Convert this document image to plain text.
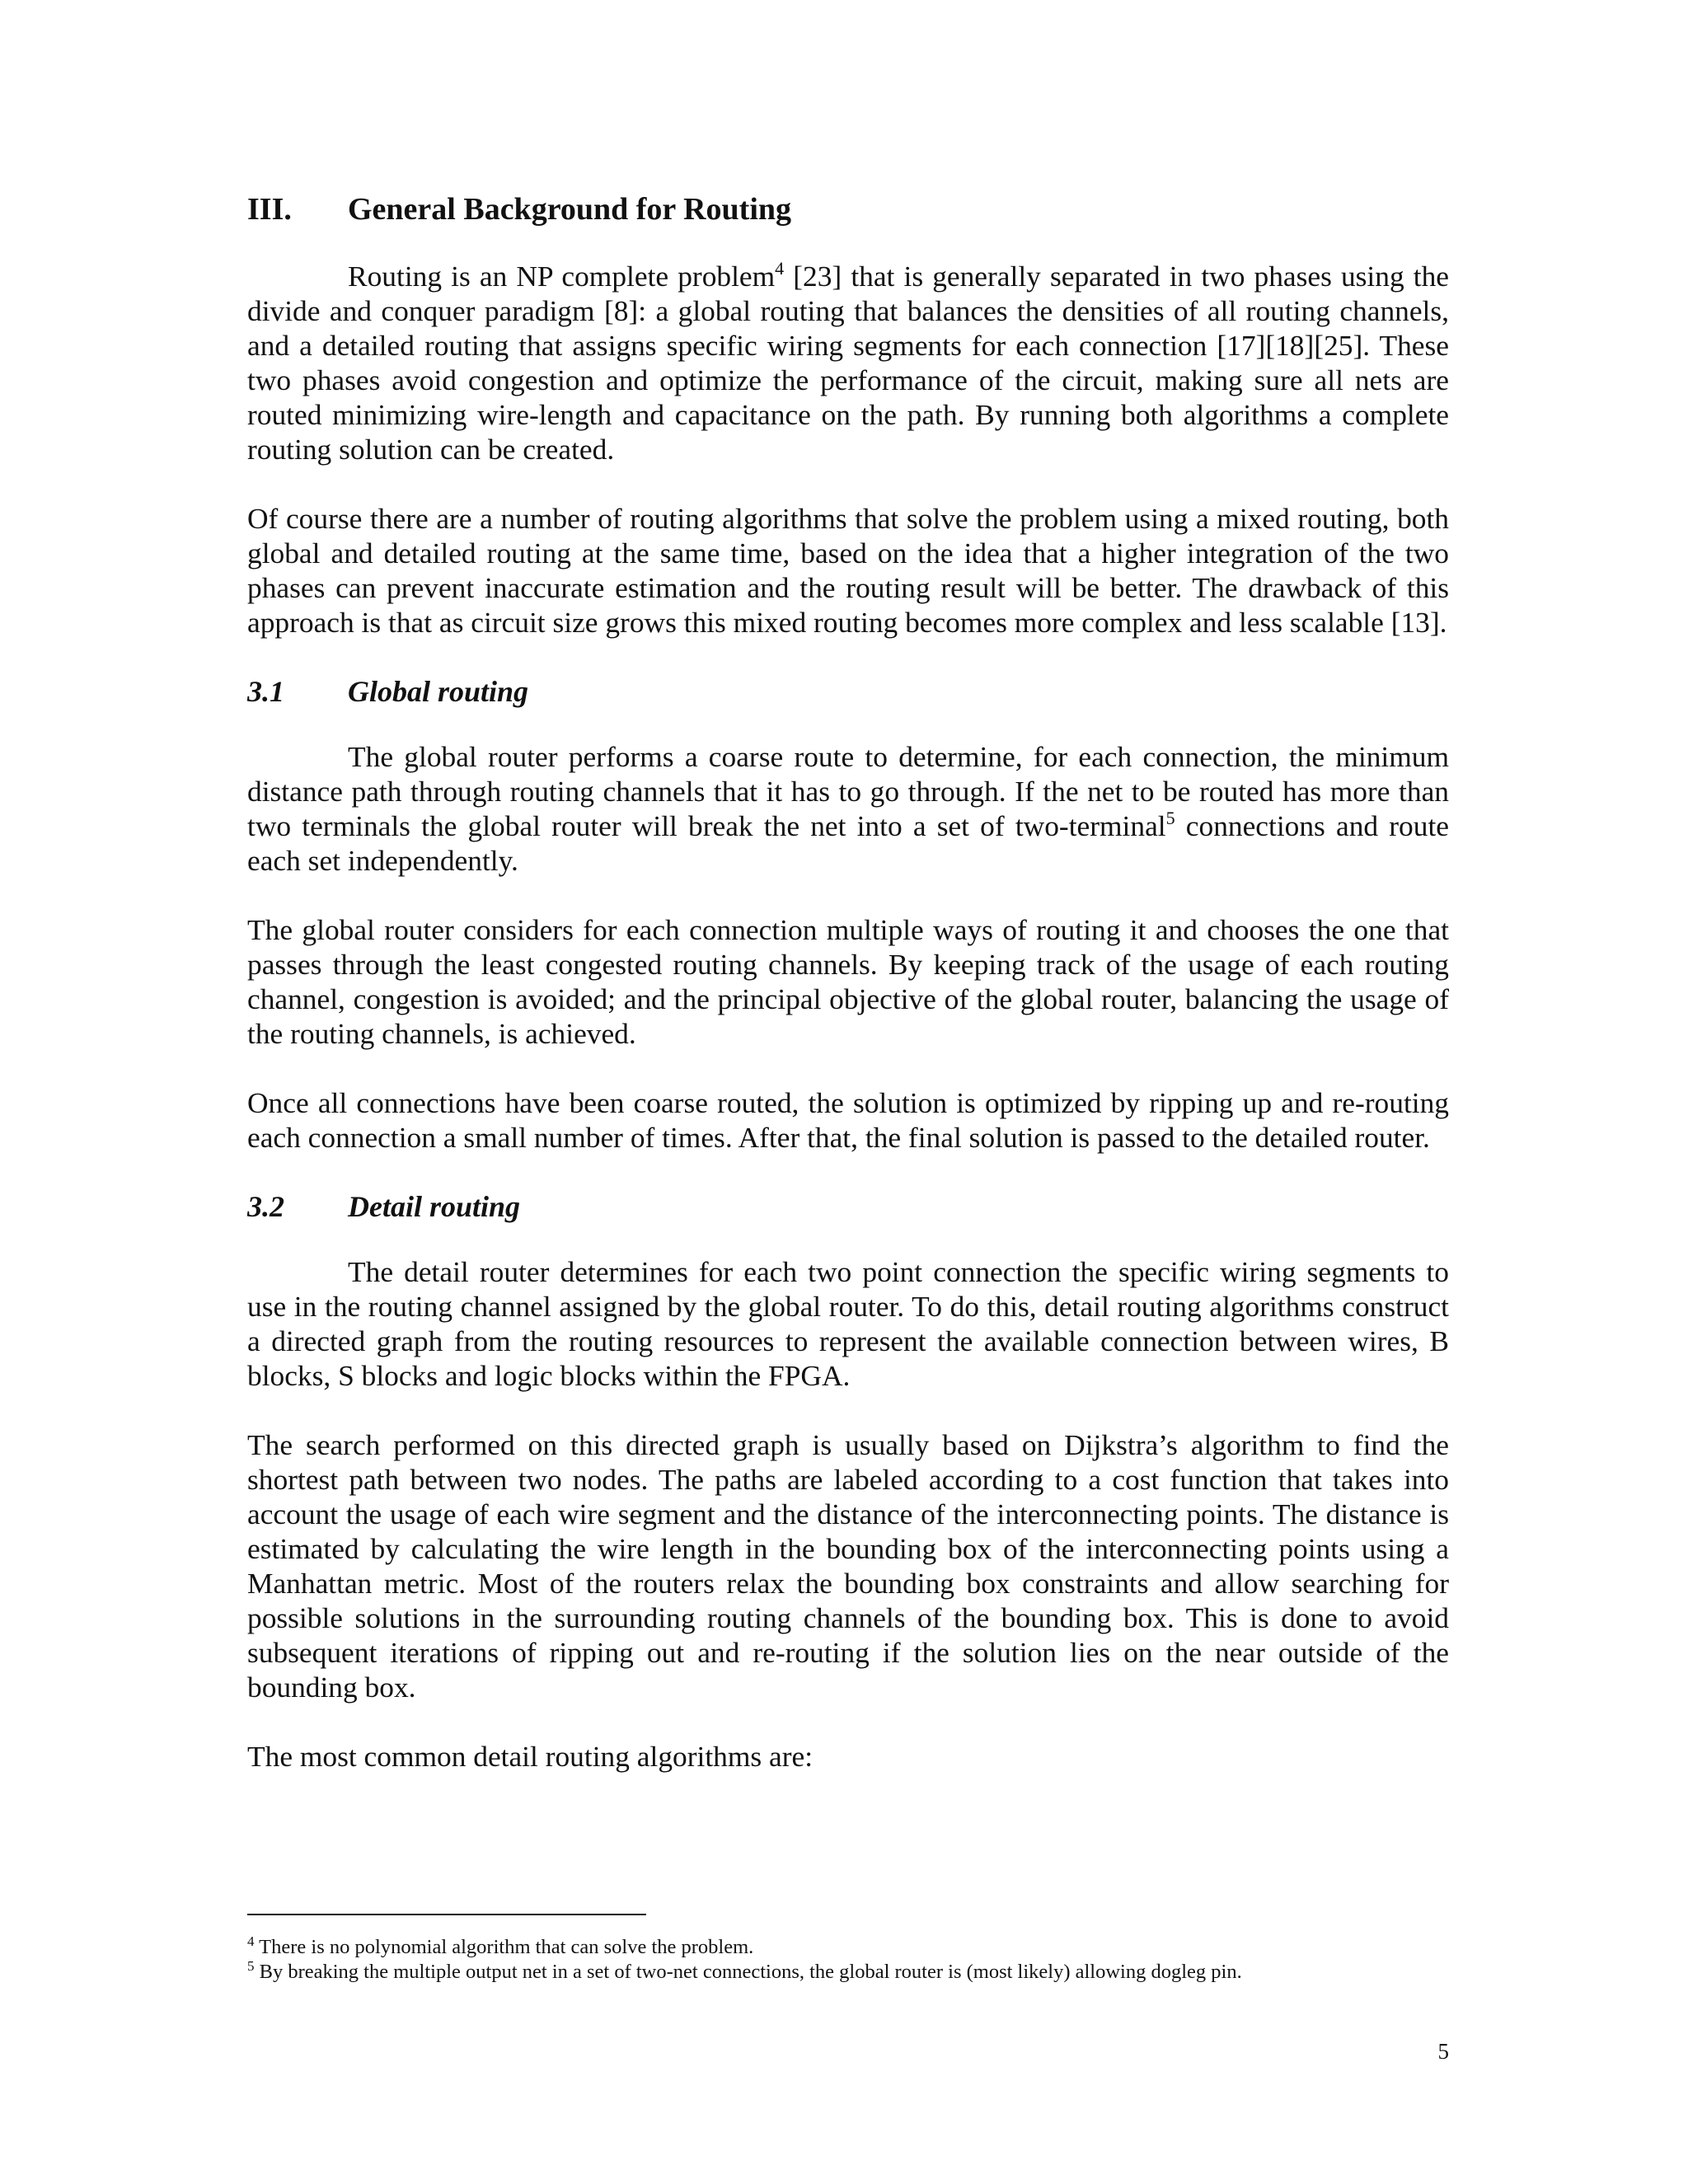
III.	General Background for Routing

Routing is an NP complete problem$^4$ [23] that is generally separated in two phases using the divide and conquer paradigm [8]: a global routing that balances the densities of all routing channels, and a detailed routing that assigns specific wiring segments for each connection [17][18][25]. These two phases avoid congestion and optimize the performance of the circuit, making sure all nets are routed minimizing wire-length and capacitance on the path. By running both algorithms a complete routing solution can be created.

Of course there are a number of routing algorithms that solve the problem using a mixed routing, both global and detailed routing at the same time, based on the idea that a higher integration of the two phases can prevent inaccurate estimation and the routing result will be better. The drawback of this approach is that as circuit size grows this mixed routing becomes more complex and less scalable [13].

3.1	Global routing

The global router performs a coarse route to determine, for each connection, the minimum distance path through routing channels that it has to go through. If the net to be routed has more than two terminals the global router will break the net into a set of two-terminal$^5$ connections and route each set independently.

The global router considers for each connection multiple ways of routing it and chooses the one that passes through the least congested routing channels. By keeping track of the usage of each routing channel, congestion is avoided; and the principal objective of the global router, balancing the usage of the routing channels, is achieved.

Once all connections have been coarse routed, the solution is optimized by ripping up and re-routing each connection a small number of times. After that, the final solution is passed to the detailed router.

3.2	Detail routing

The detail router determines for each two point connection the specific wiring segments to use in the routing channel assigned by the global router. To do this, detail routing algorithms construct a directed graph from the routing resources to represent the available connection between wires, B blocks, S blocks and logic blocks within the FPGA.

The search performed on this directed graph is usually based on Dijkstra’s algorithm to find the shortest path between two nodes. The paths are labeled according to a cost function that takes into account the usage of each wire segment and the distance of the interconnecting points. The distance is estimated by calculating the wire length in the bounding box of the interconnecting points using a Manhattan metric. Most of the routers relax the bounding box constraints and allow searching for possible solutions in the surrounding routing channels of the bounding box. This is done to avoid subsequent iterations of ripping out and re-routing if the solution lies on the near outside of the bounding box.

The most common detail routing algorithms are:

$^4$ There is no polynomial algorithm that can solve the problem.

$^5$ By breaking the multiple output net in a set of two-net connections, the global router is (most likely) allowing dogleg pin.

5
